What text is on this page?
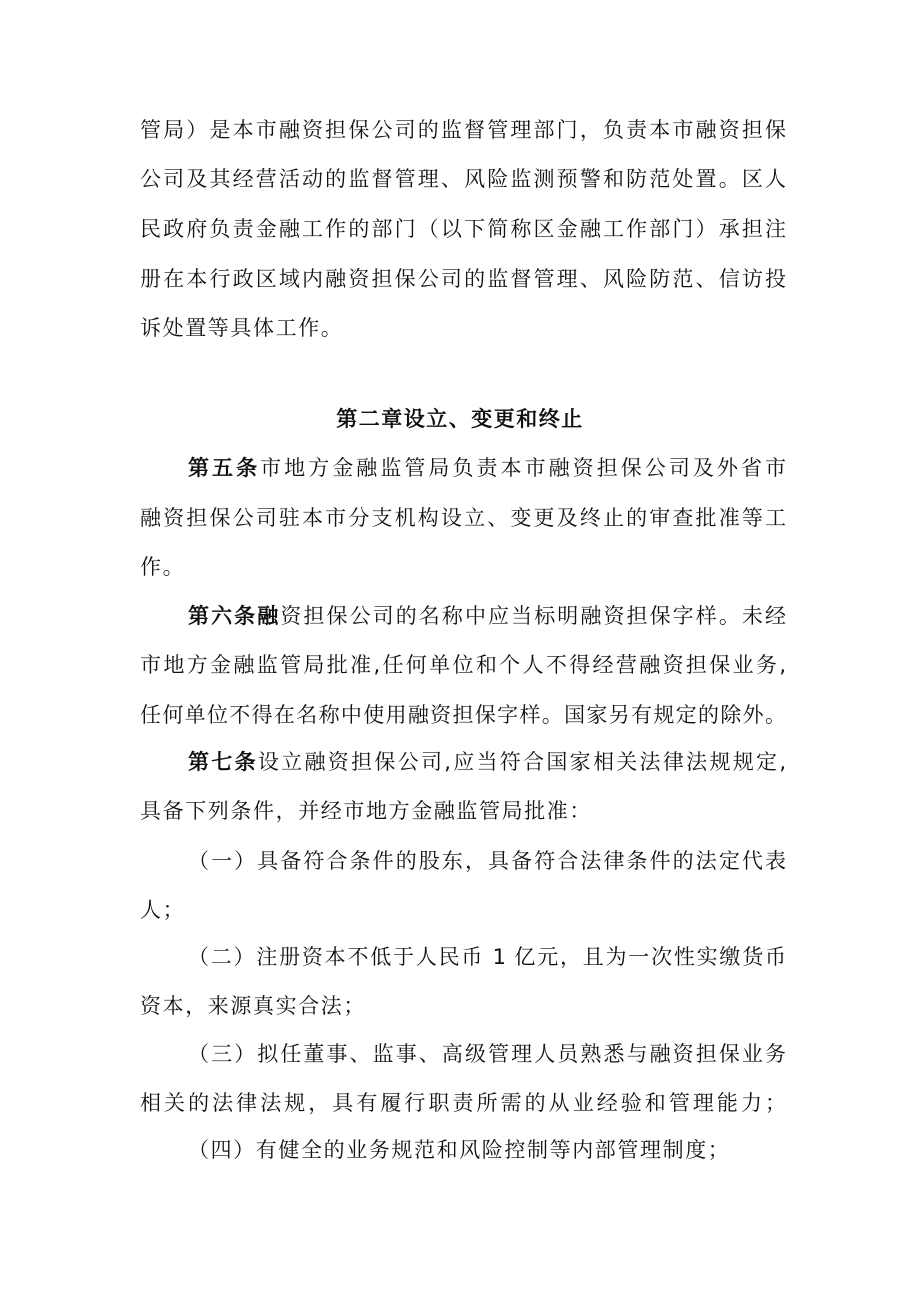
管局）是本市融资担保公司的监督管理部门，负责本市融资担保
公司及其经营活动的监督管理、风险监测预警和防范处置。区人
民政府负责金融工作的部门（以下简称区金融工作部门）承担注
册在本行政区域内融资担保公司的监督管理、风险防范、信访投
诉处置等具体工作。
第二章设立、变更和终止
第五条市地方金融监管局负责本市融资担保公司及外省市
融资担保公司驻本市分支机构设立、变更及终止的审查批准等工
作。
第六条融资担保公司的名称中应当标明融资担保字样。未经
市地方金融监管局批准,任何单位和个人不得经营融资担保业务,
任何单位不得在名称中使用融资担保字样。国家另有规定的除外。
第七条设立融资担保公司,应当符合国家相关法律法规规定,
具备下列条件，并经市地方金融监管局批准：
（一）具备符合条件的股东，具备符合法律条件的法定代表
人；
（二）注册资本不低于人民币 1 亿元，且为一次性实缴货币
资本，来源真实合法；
（三）拟任董事、监事、高级管理人员熟悉与融资担保业务
相关的法律法规，具有履行职责所需的从业经验和管理能力；
（四）有健全的业务规范和风险控制等内部管理制度；
